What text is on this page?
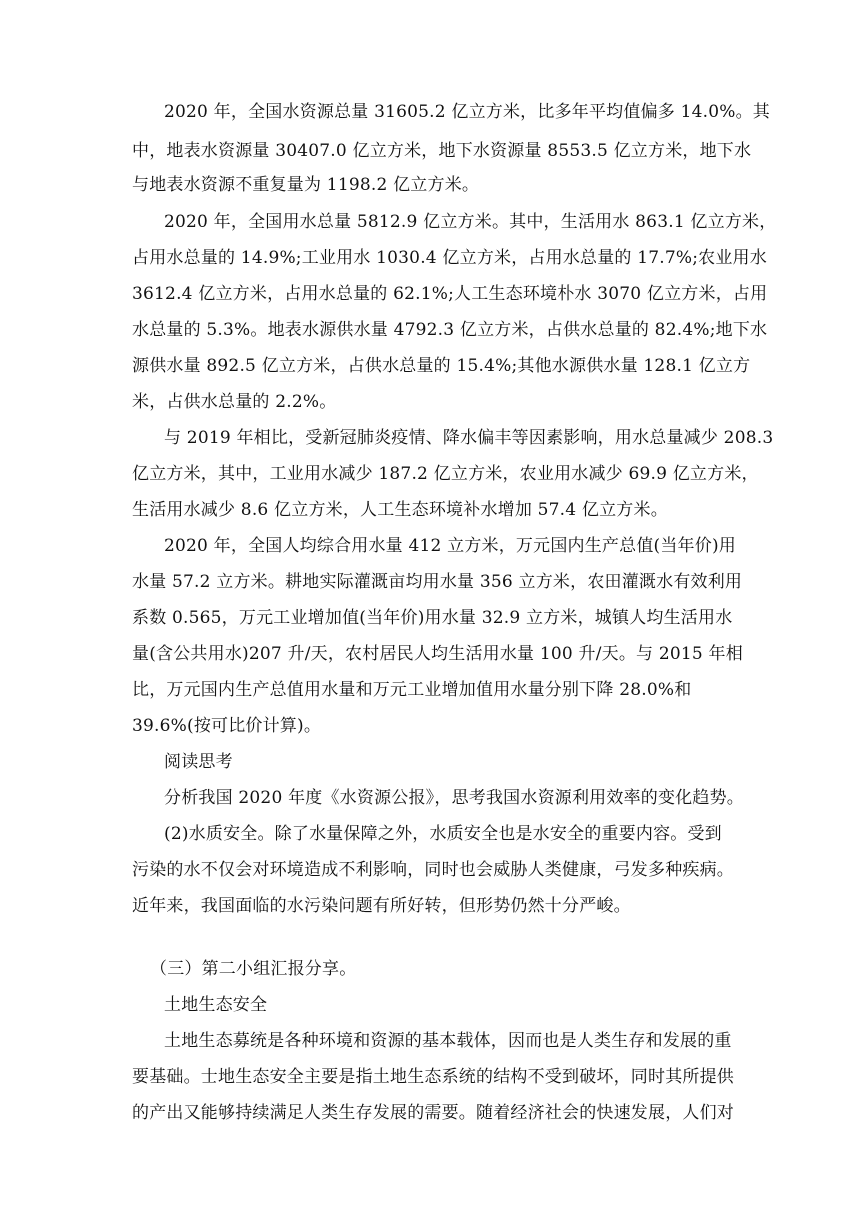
2020 年，全国水资源总量 31605.2 亿立方米，比多年平均值偏多 14.0%。其
中，地表水资源量 30407.0 亿立方米，地下水资源量 8553.5 亿立方米，地下水
与地表水资源不重复量为 1198.2 亿立方米。
2020 年，全国用水总量 5812.9 亿立方米。其中，生活用水 863.1 亿立方米，
占用水总量的 14.9%;工业用水 1030.4 亿立方米，占用水总量的 17.7%;农业用水
3612.4 亿立方米，占用水总量的 62.1%;人工生态环境朴水 3070 亿立方米，占用
水总量的 5.3%。地表水源供水量 4792.3 亿立方米，占供水总量的 82.4%;地下水
源供水量 892.5 亿立方米，占供水总量的 15.4%;其他水源供水量 128.1 亿立方
米，占供水总量的 2.2%。
与 2019 年相比，受新冠肺炎疫情、降水偏丰等因素影响，用水总量减少 208.3
亿立方米，其中，工业用水减少 187.2 亿立方米，农业用水减少 69.9 亿立方米，
生活用水减少 8.6 亿立方米，人工生态环境补水增加 57.4 亿立方米。
2020 年，全国人均综合用水量 412 立方米，万元国内生产总值(当年价)用
水量 57.2 立方米。耕地实际灌溉亩均用水量 356 立方米，农田灌溉水有效利用
系数 0.565，万元工业增加值(当年价)用水量 32.9 立方米，城镇人均生活用水
量(含公共用水)207 升/天，农村居民人均生活用水量 100 升/天。与 2015 年相
比，万元国内生产总值用水量和万元工业增加值用水量分别下降 28.0%和
39.6%(按可比价计算)。
阅读思考
分析我国 2020 年度《水资源公报》，思考我国水资源利用效率的变化趋势。
(2)水质安全。除了水量保障之外，水质安全也是水安全的重要内容。受到
污染的水不仅会对环境造成不利影响，同时也会威胁人类健康，弓发多种疾病。
近年来，我国面临的水污染问题有所好转，但形势仍然十分严峻。
（三）第二小组汇报分享。
土地生态安全
土地生态募统是各种环境和资源的基本载体，因而也是人类生存和发展的重
要基础。士地生态安全主要是指土地生态系统的结构不受到破坏，同时其所提供
的产出又能够持续满足人类生存发展的需要。随着经济社会的快速发展，人们对
